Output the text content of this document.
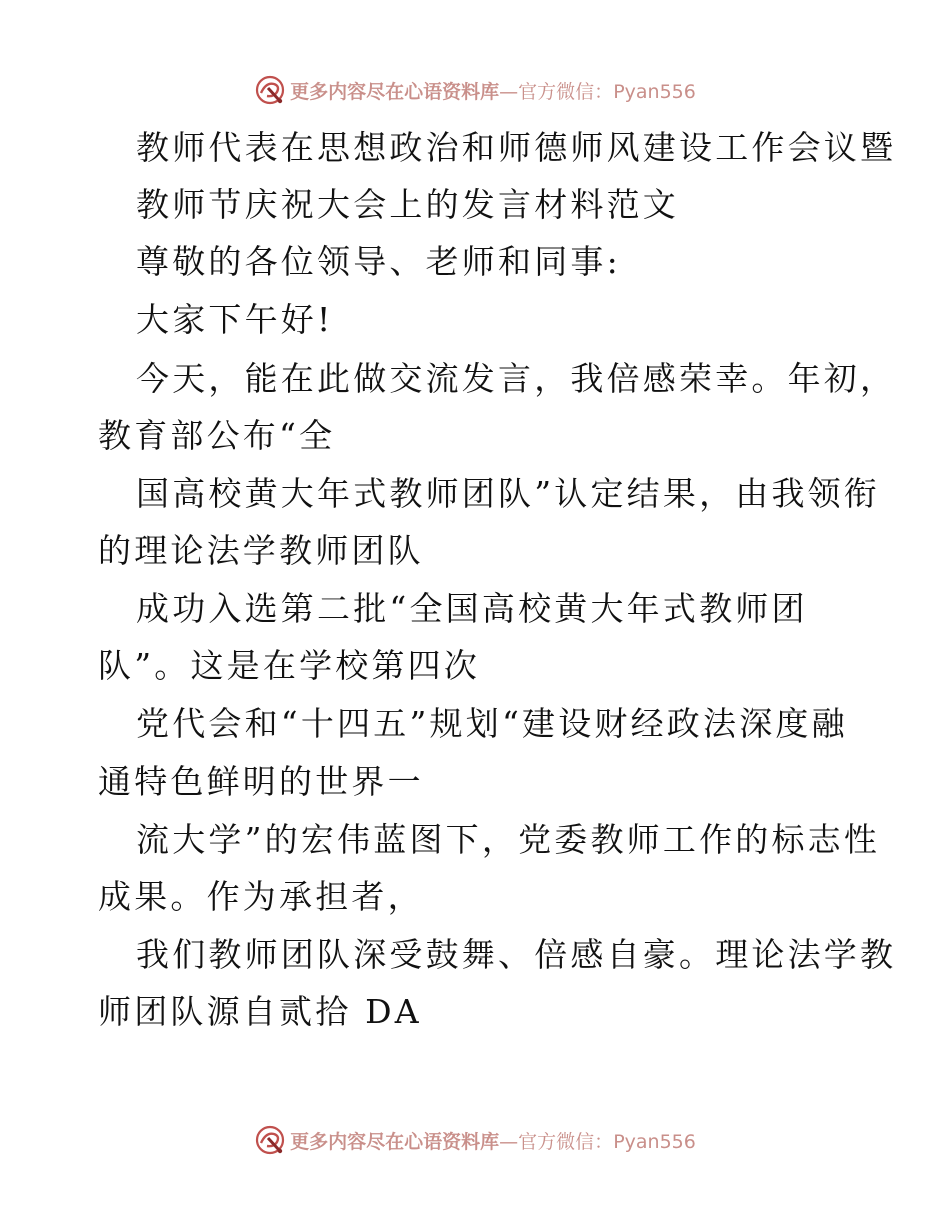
更多内容尽在心语资料库—官方微信：Pyan556
教师代表在思想政治和师德师风建设工作会议暨
教师节庆祝大会上的发言材料范文
尊敬的各位领导、老师和同事:
大家下午好!
今天，能在此做交流发言，我倍感荣幸。年初，
教育部公布“全
国高校黄大年式教师团队”认定结果，由我领衔
的理论法学教师团队
成功入选第二批“全国高校黄大年式教师团
队”。这是在学校第四次
党代会和“十四五”规划“建设财经政法深度融
通特色鲜明的世界一
流大学”的宏伟蓝图下，党委教师工作的标志性
成果。作为承担者，
我们教师团队深受鼓舞、倍感自豪。理论法学教
师团队源自贰拾 DA
更多内容尽在心语资料库—官方微信：Pyan556
